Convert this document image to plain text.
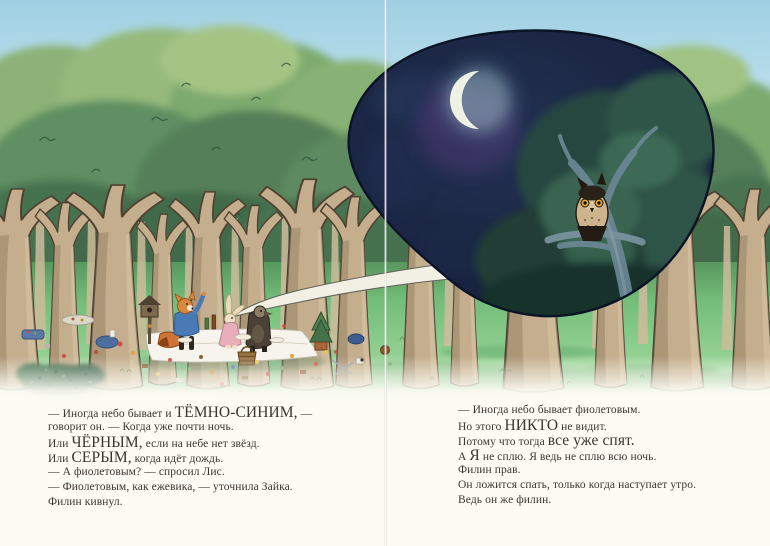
— Иногда небо бывает и ТЁМНО-СИНИМ, —

говорит он. — Когда уже почти ночь.

Или ЧЁРНЫМ, если на небе нет звёзд.

Или СЕРЫМ, когда идёт дождь.

— А фиолетовым? — спросил Лис.

— Фиолетовым, как ежевика, — уточнила Зайка.

Филин кивнул.

— Иногда небо бывает фиолетовым.

Но этого НИКТО не видит.

Потому что тогда все уже спят.

А Я не сплю. Я ведь не сплю всю ночь.

Филин прав.

Он ложится спать, только когда наступает утро.

Ведь он же филин.
